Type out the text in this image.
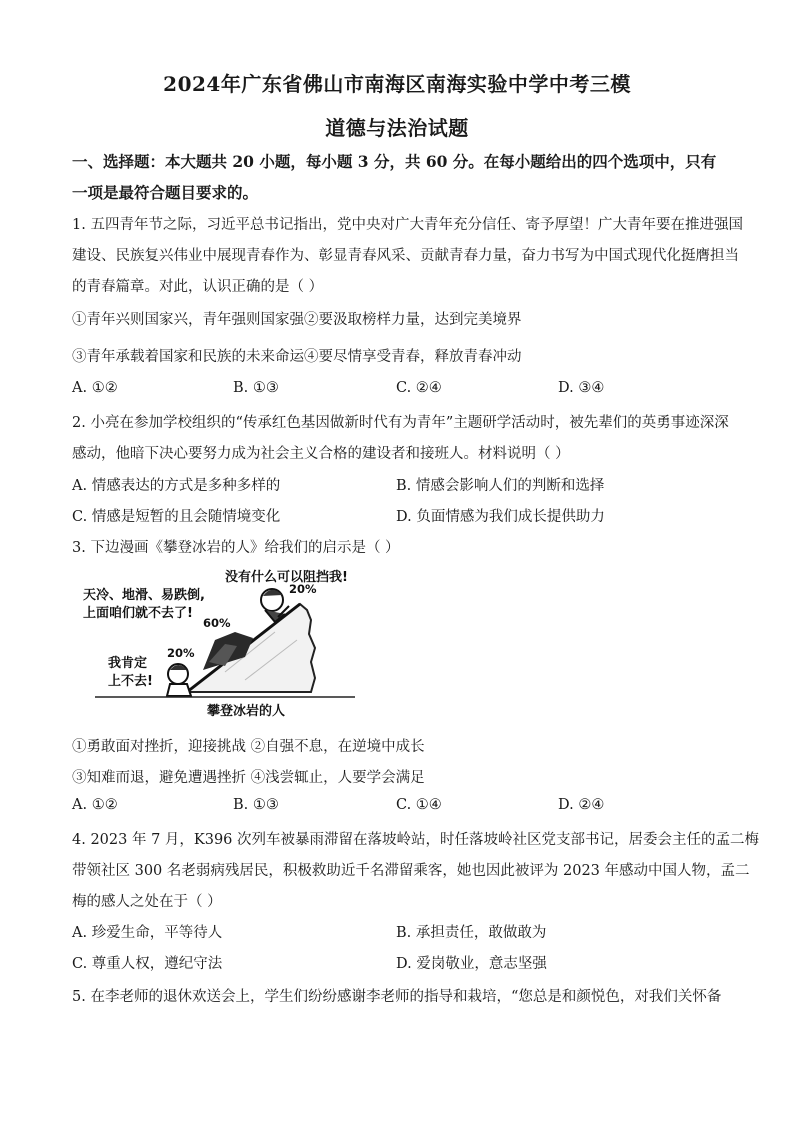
2024年广东省佛山市南海区南海实验中学中考三模
道德与法治试题
一、选择题：本大题共 20 小题，每小题 3 分，共 60 分。在每小题给出的四个选项中，只有
一项是最符合题目要求的。
1. 五四青年节之际，习近平总书记指出，党中央对广大青年充分信任、寄予厚望！广大青年要在推进强国
建设、民族复兴伟业中展现青春作为、彰显青春风采、贡献青春力量，奋力书写为中国式现代化挺膺担当
的青春篇章。对此，认识正确的是（ ）
①青年兴则国家兴，青年强则国家强②要汲取榜样力量，达到完美境界
③青年承载着国家和民族的未来命运④要尽情享受青春，释放青春冲动
A. ①②	B. ①③	C. ②④	D. ③④
2. 小亮在参加学校组织的“传承红色基因做新时代有为青年”主题研学活动时，被先辈们的英勇事迹深深
感动，他暗下决心要努力成为社会主义合格的建设者和接班人。材料说明（ ）
A. 情感表达的方式是多种多样的	B. 情感会影响人们的判断和选择
C. 情感是短暂的且会随情境变化	D. 负面情感为我们成长提供助力
3. 下边漫画《攀登冰岩的人》给我们的启示是（ ）
没有什么可以阻挡我!
20%
天冷、地滑、易跌倒,
上面咱们就不去了!
60%
我肯定
上不去!
20%
攀登冰岩的人
①勇敢面对挫折，迎接挑战 ②自强不息，在逆境中成长
③知难而退，避免遭遇挫折 ④浅尝辄止，人要学会满足
A. ①②	B. ①③	C. ①④	D. ②④
4. 2023 年 7 月，K396 次列车被暴雨滞留在落坡岭站，时任落坡岭社区党支部书记，居委会主任的孟二梅
带领社区 300 名老弱病残居民，积极救助近千名滞留乘客，她也因此被评为 2023 年感动中国人物，孟二
梅的感人之处在于（ ）
A. 珍爱生命，平等待人	B. 承担责任，敢做敢为
C. 尊重人权，遵纪守法	D. 爱岗敬业，意志坚强
5. 在李老师的退休欢送会上，学生们纷纷感谢李老师的指导和栽培，“您总是和颜悦色，对我们关怀备
